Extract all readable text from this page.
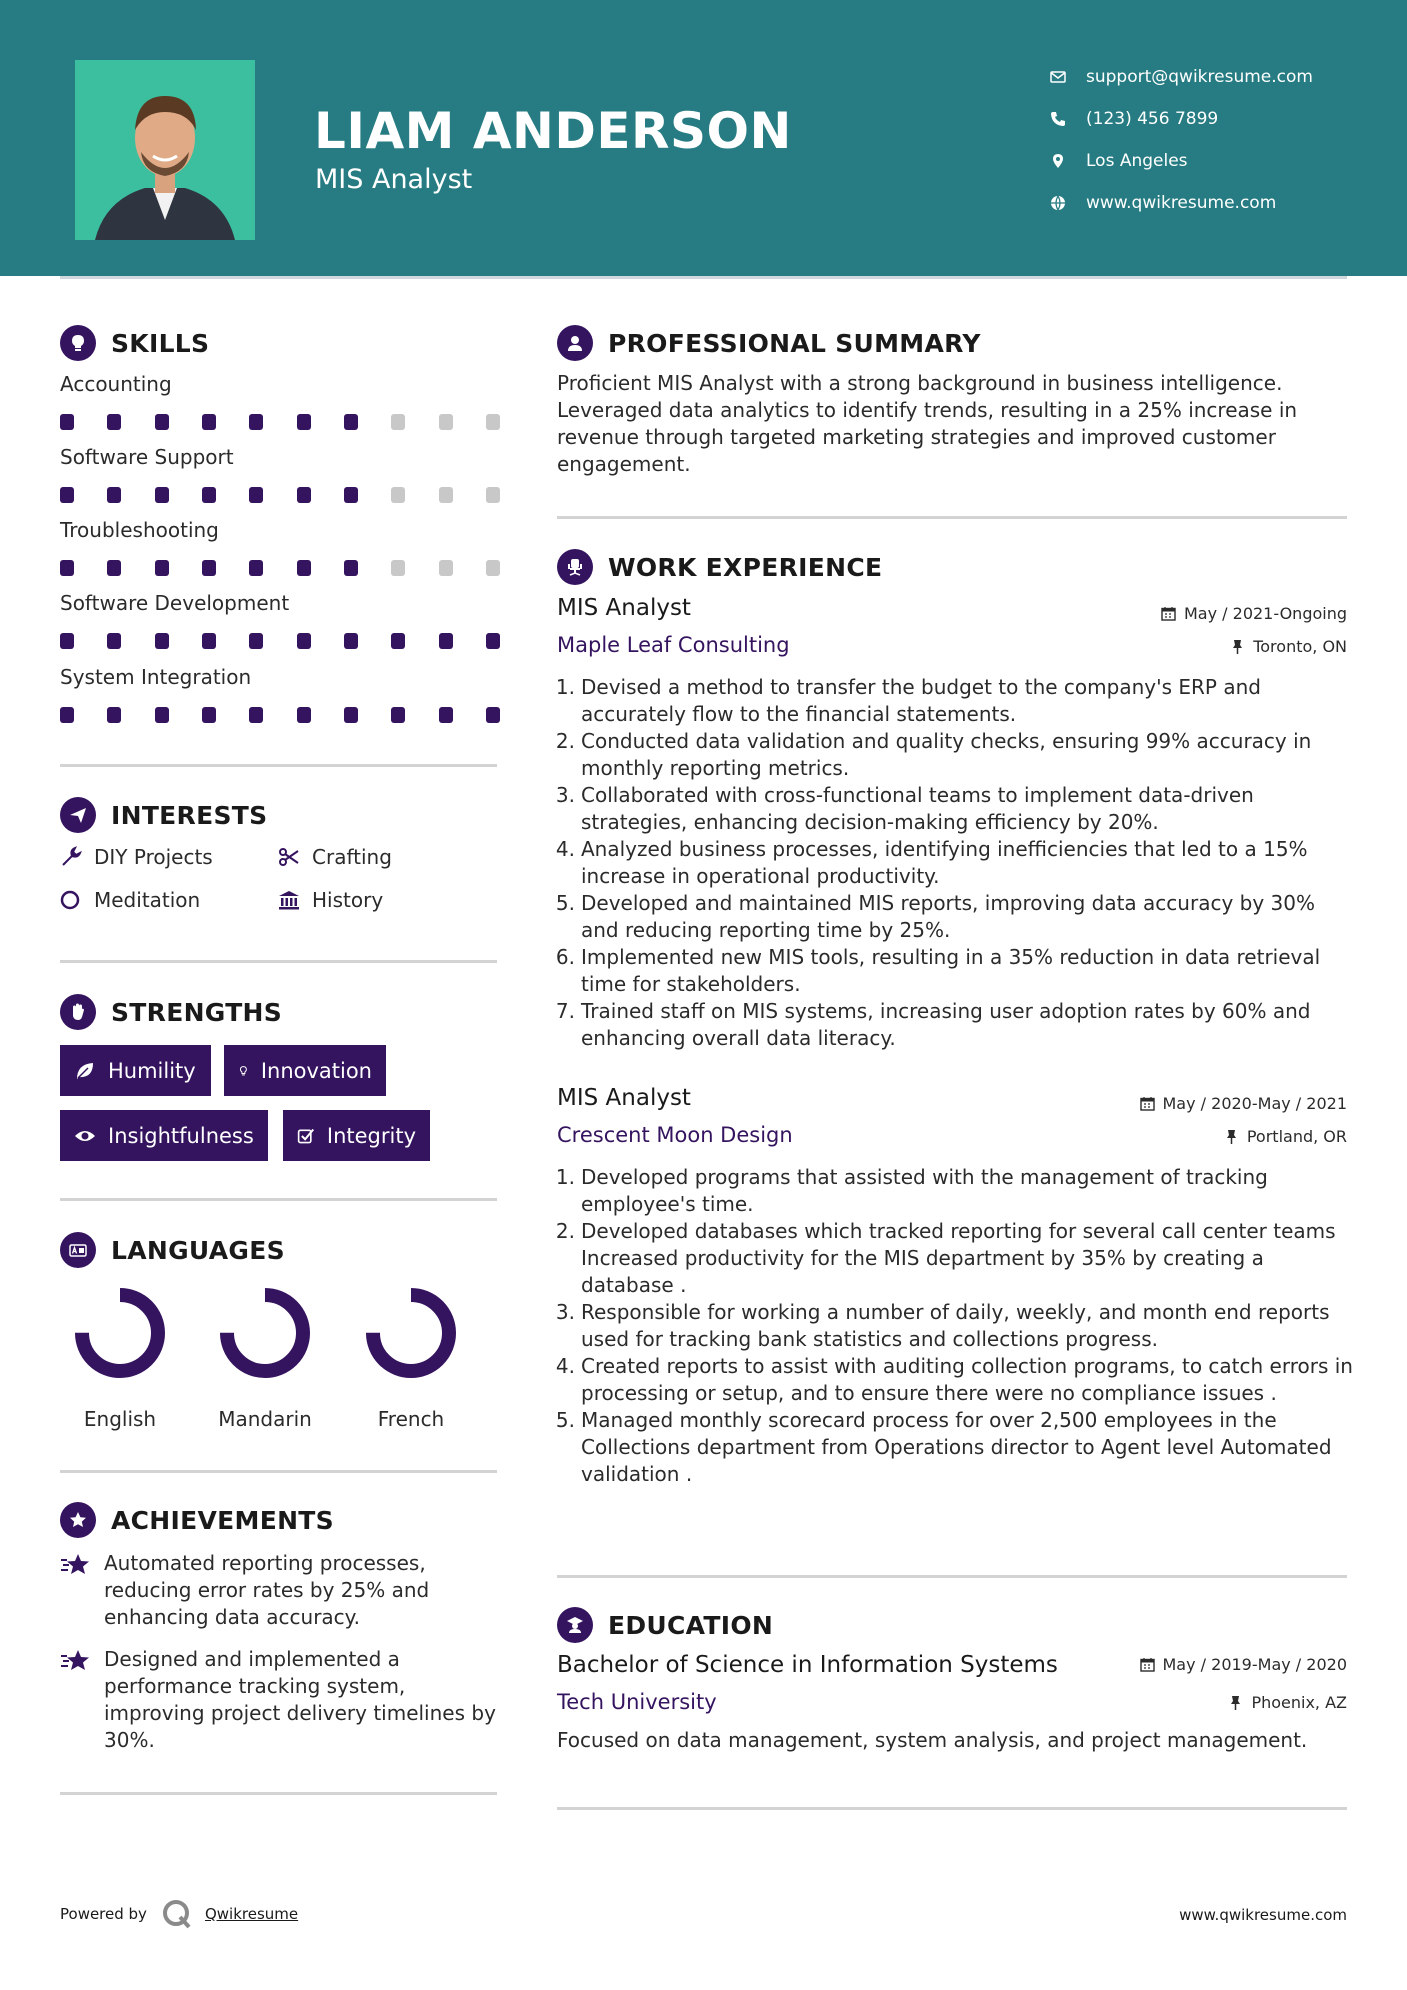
LIAM ANDERSON
MIS Analyst
support@qwikresume.com
(123) 456 7899
Los Angeles
www.qwikresume.com
SKILLS
Accounting
Software Support
Troubleshooting
Software Development
System Integration
INTERESTS
DIY Projects	Crafting
Meditation	History
STRENGTHS
Humility	Innovation
Insightfulness	Integrity
LANGUAGES
English	Mandarin	French
ACHIEVEMENTS
Automated reporting processes, reducing error rates by 25% and enhancing data accuracy.
Designed and implemented a performance tracking system, improving project delivery timelines by 30%.
PROFESSIONAL SUMMARY
Proficient MIS Analyst with a strong background in business intelligence. Leveraged data analytics to identify trends, resulting in a 25% increase in revenue through targeted marketing strategies and improved customer engagement.
WORK EXPERIENCE
MIS Analyst
Maple Leaf Consulting
May / 2021-Ongoing
Toronto, ON
1. Devised a method to transfer the budget to the company's ERP and accurately flow to the financial statements.
2. Conducted data validation and quality checks, ensuring 99% accuracy in monthly reporting metrics.
3. Collaborated with cross-functional teams to implement data-driven strategies, enhancing decision-making efficiency by 20%.
4. Analyzed business processes, identifying inefficiencies that led to a 15% increase in operational productivity.
5. Developed and maintained MIS reports, improving data accuracy by 30% and reducing reporting time by 25%.
6. Implemented new MIS tools, resulting in a 35% reduction in data retrieval time for stakeholders.
7. Trained staff on MIS systems, increasing user adoption rates by 60% and enhancing overall data literacy.
MIS Analyst
Crescent Moon Design
May / 2020-May / 2021
Portland, OR
1. Developed programs that assisted with the management of tracking employee's time.
2. Developed databases which tracked reporting for several call center teams Increased productivity for the MIS department by 35% by creating a database .
3. Responsible for working a number of daily, weekly, and month end reports used for tracking bank statistics and collections progress.
4. Created reports to assist with auditing collection programs, to catch errors in processing or setup, and to ensure there were no compliance issues .
5. Managed monthly scorecard process for over 2,500 employees in the Collections department from Operations director to Agent level Automated validation .
EDUCATION
Bachelor of Science in Information Systems
Tech University
May / 2019-May / 2020
Phoenix, AZ
Focused on data management, system analysis, and project management.
Powered by	Qwikresume	www.qwikresume.com
